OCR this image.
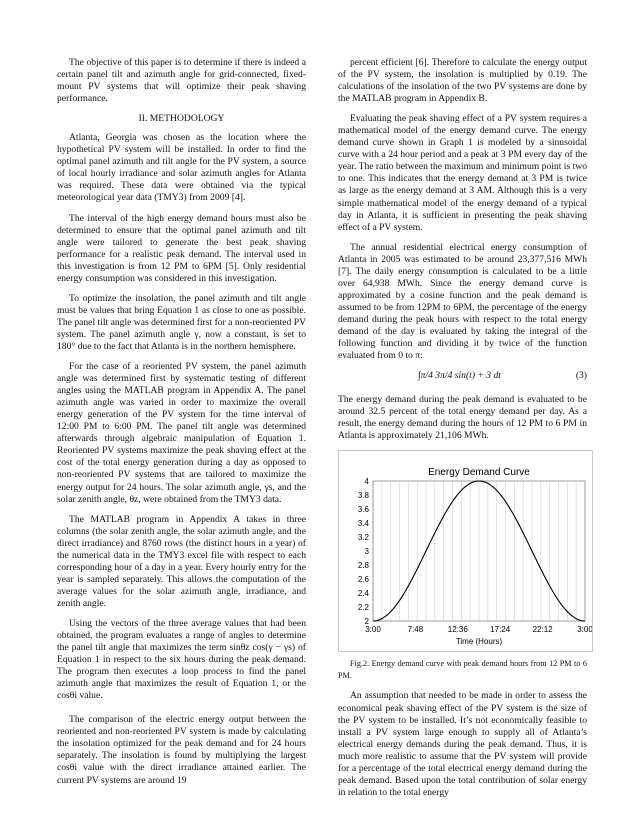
The objective of this paper is to determine if there is indeed a certain panel tilt and azimuth angle for grid-connected, fixed-mount PV systems that will optimize their peak shaving performance.

II. METHODOLOGY

Atlanta, Georgia was chosen as the location where the hypothetical PV system will be installed. In order to find the optimal panel azimuth and tilt angle for the PV system, a source of local hourly irradiance and solar azimuth angles for Atlanta was required. These data were obtained via the typical meteorological year data (TMY3) from 2009 [4].

The interval of the high energy demand hours must also be determined to ensure that the optimal panel azimuth and tilt angle were tailored to generate the best peak shaving performance for a realistic peak demand. The interval used in this investigation is from 12 PM to 6PM [5]. Only residential energy consumption was considered in this investigation.

To optimize the insolation, the panel azimuth and tilt angle must be values that bring Equation 1 as close to one as possible. The panel tilt angle was determined first for a non-reoriented PV system. The panel azimuth angle γ, now a constant, is set to 180° due to the fact that Atlanta is in the northern hemisphere.

For the case of a reoriented PV system, the panel azimuth angle was determined first by systematic testing of different angles using the MATLAB program in Appendix A. The panel azimuth angle was varied in order to maximize the overall energy generation of the PV system for the time interval of 12:00 PM to 6:00 PM. The panel tilt angle was determined afterwards through algebraic manipulation of Equation 1. Reoriented PV systems maximize the peak shaving effect at the cost of the total energy generation during a day as opposed to non-reoriented PV systems that are tailored to maximize the energy output for 24 hours. The solar azimuth angle, γs, and the solar zenith angle, θz, were obtained from the TMY3 data.

The MATLAB program in Appendix A takes in three columns (the solar zenith angle, the solar azimuth angle, and the direct irradiance) and 8760 rows (the distinct hours in a year) of the numerical data in the TMY3 excel file with respect to each corresponding hour of a day in a year. Every hourly entry for the year is sampled separately. This allows the computation of the average values for the solar azimuth angle, irradiance, and zenith angle.

Using the vectors of the three average values that had been obtained, the program evaluates a range of angles to determine the panel tilt angle that maximizes the term sinθz cos(γ − γs) of Equation 1 in respect to the six hours during the peak demand. The program then executes a loop process to find the panel azimuth angle that maximizes the result of Equation 1, or the cosθi value.

The comparison of the electric energy output between the reoriented and non-reoriented PV system is made by calculating the insolation optimized for the peak demand and for 24 hours separately. The insolation is found by multiplying the largest cosθi value with the direct irradiance attained earlier. The current PV systems are around 19

percent efficient [6]. Therefore to calculate the energy output of the PV system, the insolation is multiplied by 0.19. The calculations of the insolation of the two PV systems are done by the MATLAB program in Appendix B.

Evaluating the peak shaving effect of a PV system requires a mathematical model of the energy demand curve. The energy demand curve shown in Graph 1 is modeled by a sinusoidal curve with a 24 hour period and a peak at 3 PM every day of the year. The ratio between the maximum and minimum point is two to one. This indicates that the energy demand at 3 PM is twice as large as the energy demand at 3 AM. Although this is a very simple mathematical model of the energy demand of a typical day in Atlanta, it is sufficient in presenting the peak shaving effect of a PV system.

The annual residential electrical energy consumption of Atlanta in 2005 was estimated to be around 23,377,516 MWh [7]. The daily energy consumption is calculated to be a little over 64,938 MWh. Since the energy demand curve is approximated by a cosine function and the peak demand is assumed to be from 12PM to 6PM, the percentage of the energy demand during the peak hours with respect to the total energy demand of the day is evaluated by taking the integral of the following function and dividing it by twice of the function evaluated from 0 to π:

∫π/4 3π/4 sin(t) + 3 dt	(3)

The energy demand during the peak demand is evaluated to be around 32.5 percent of the total energy demand per day. As a result, the energy demand during the hours of 12 PM to 6 PM in Atlanta is approximately 21,106 MWh.

Energy Demand Curve
2
2.2
2.4
2.6
2.8
3
3.2
3.4
3.6
3.8
4
3:00	7:48	12:36	17:24	22:12	3:00
Time (Hours)

Fig.2. Energy demand curve with peak demand hours from 12 PM to 6 PM.

An assumption that needed to be made in order to assess the economical peak shaving effect of the PV system is the size of the PV system to be installed. It’s not economically feasible to install a PV system large enough to supply all of Atlanta’s electrical energy demands during the peak demand. Thus, it is much more realistic to assume that the PV system will provide for a percentage of the total electrical energy demand during the peak demand. Based upon the total contribution of solar energy in relation to the total energy
